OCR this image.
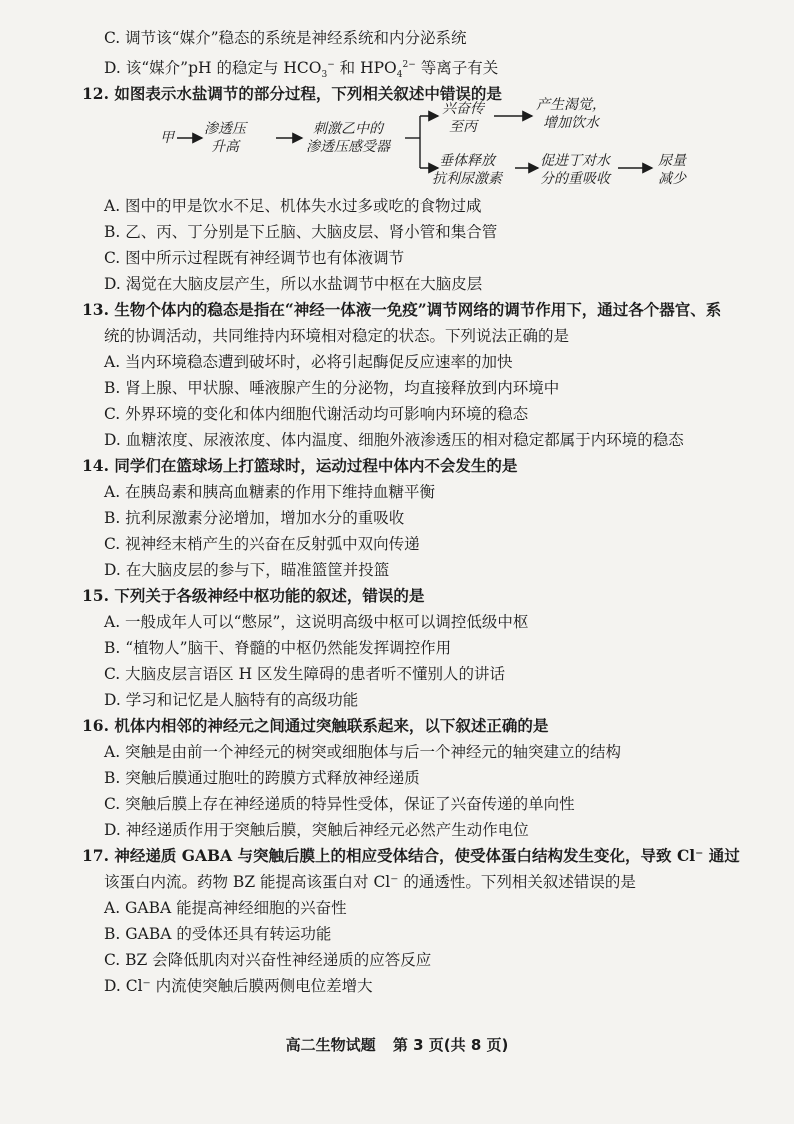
C. 调节该“媒介”稳态的系统是神经系统和内分泌系统
D. 该“媒介”pH 的稳定与 $HCO_3^-$ 和 $HPO_4^{2-}$ 等离子有关
12. 如图表示水盐调节的部分过程，下列相关叙述中错误的是
甲
渗透压
升高
刺激乙中的
渗透压感受器
兴奋传
至丙
产生渴觉，
增加饮水
垂体释放
抗利尿激素
促进丁对水
分的重吸收
尿量
减少
A. 图中的甲是饮水不足、机体失水过多或吃的食物过咸
B. 乙、丙、丁分别是下丘脑、大脑皮层、肾小管和集合管
C. 图中所示过程既有神经调节也有体液调节
D. 渴觉在大脑皮层产生，所以水盐调节中枢在大脑皮层
13. 生物个体内的稳态是指在“神经一体液一免疫”调节网络的调节作用下，通过各个器官、系
统的协调活动，共同维持内环境相对稳定的状态。下列说法正确的是
A. 当内环境稳态遭到破坏时，必将引起酶促反应速率的加快
B. 肾上腺、甲状腺、唾液腺产生的分泌物，均直接释放到内环境中
C. 外界环境的变化和体内细胞代谢活动均可影响内环境的稳态
D. 血糖浓度、尿液浓度、体内温度、细胞外液渗透压的相对稳定都属于内环境的稳态
14. 同学们在篮球场上打篮球时，运动过程中体内不会发生的是
A. 在胰岛素和胰高血糖素的作用下维持血糖平衡
B. 抗利尿激素分泌增加，增加水分的重吸收
C. 视神经末梢产生的兴奋在反射弧中双向传递
D. 在大脑皮层的参与下，瞄准篮筐并投篮
15. 下列关于各级神经中枢功能的叙述，错误的是
A. 一般成年人可以“憋尿”，这说明高级中枢可以调控低级中枢
B. “植物人”脑干、脊髓的中枢仍然能发挥调控作用
C. 大脑皮层言语区 H 区发生障碍的患者听不懂别人的讲话
D. 学习和记忆是人脑特有的高级功能
16. 机体内相邻的神经元之间通过突触联系起来，以下叙述正确的是
A. 突触是由前一个神经元的树突或细胞体与后一个神经元的轴突建立的结构
B. 突触后膜通过胞吐的跨膜方式释放神经递质
C. 突触后膜上存在神经递质的特异性受体，保证了兴奋传递的单向性
D. 神经递质作用于突触后膜，突触后神经元必然产生动作电位
17. 神经递质 GABA 与突触后膜上的相应受体结合，使受体蛋白结构发生变化，导致 Cl⁻ 通过
该蛋白内流。药物 BZ 能提高该蛋白对 Cl⁻ 的通透性。下列相关叙述错误的是
A. GABA 能提高神经细胞的兴奋性
B. GABA 的受体还具有转运功能
C. BZ 会降低肌肉对兴奋性神经递质的应答反应
D. Cl⁻ 内流使突触后膜两侧电位差增大
高二生物试题 第 3 页(共 8 页)
